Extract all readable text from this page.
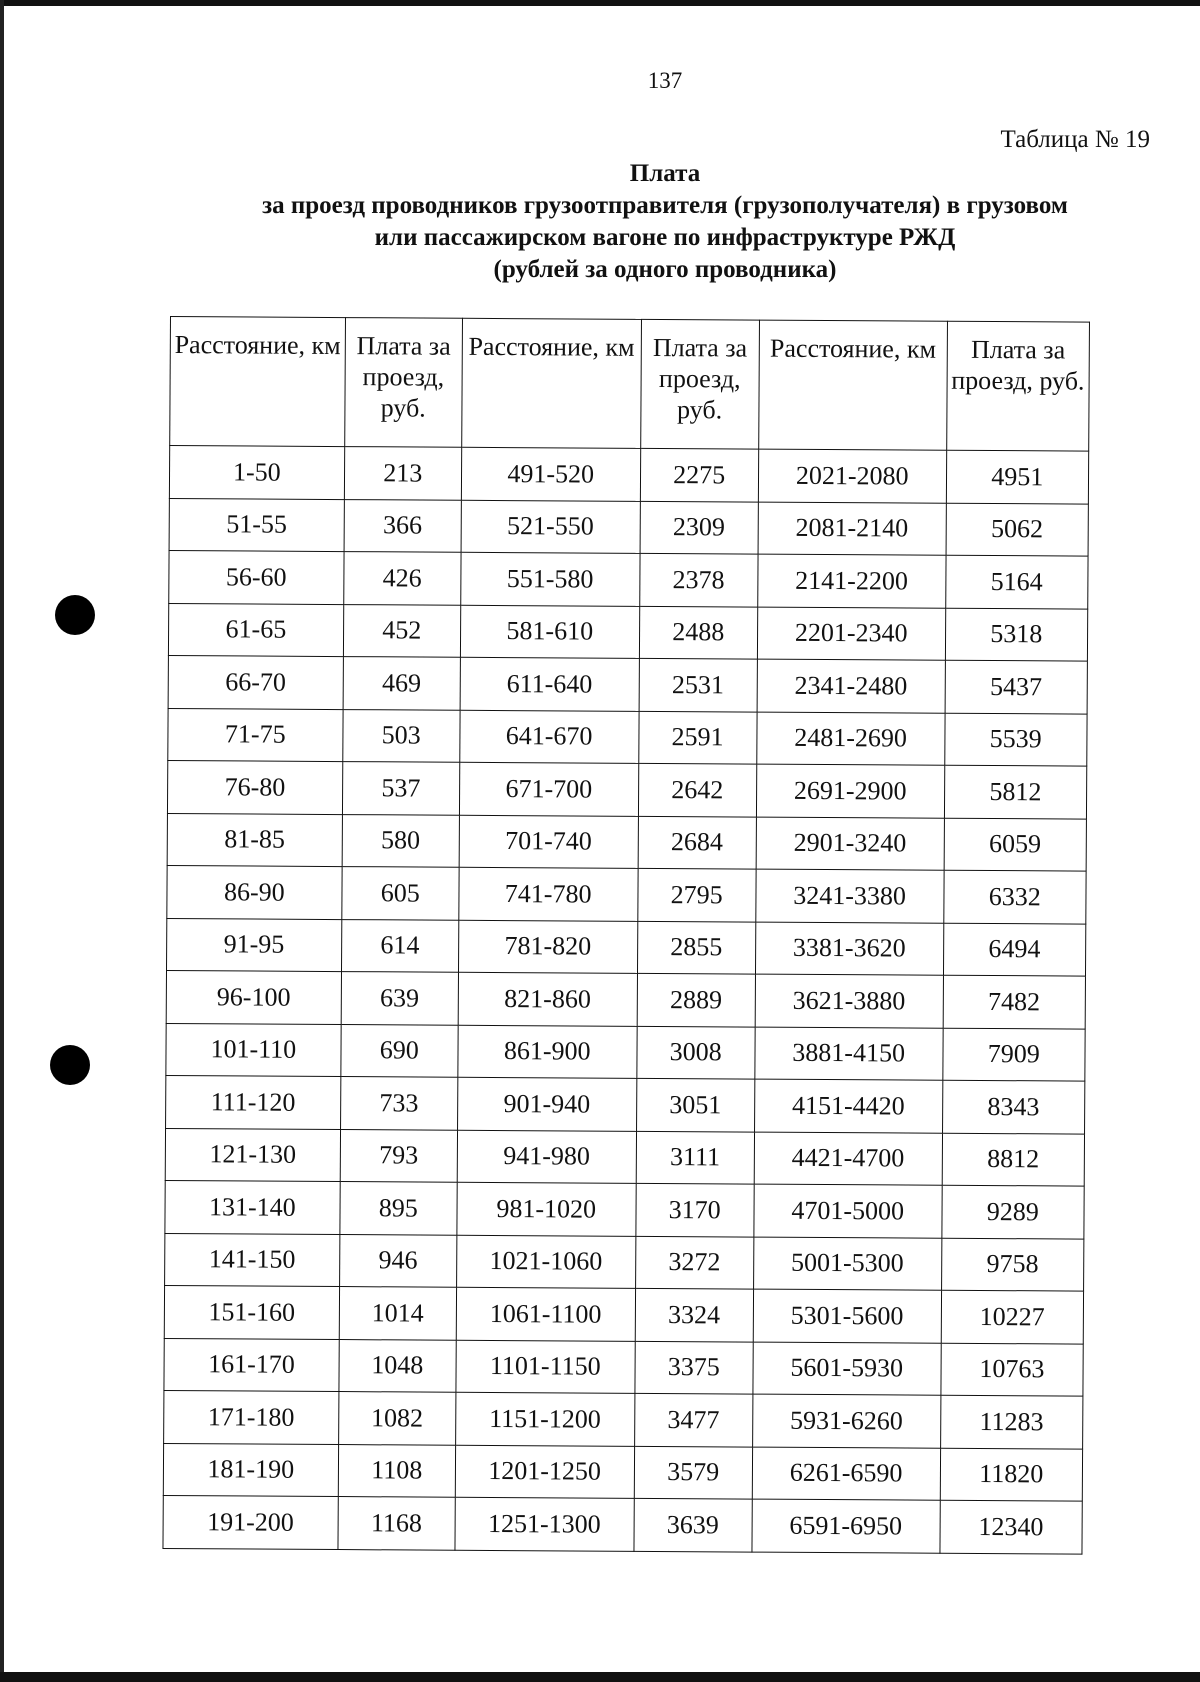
137
Таблица № 19
Плата
за проезд проводников грузоотправителя (грузополучателя) в грузовом
или пассажирском вагоне по инфраструктуре РЖД
(рублей за одного проводника)
Расстояние, км	Плата за проезд, руб.	Расстояние, км	Плата за проезд, руб.	Расстояние, км	Плата за проезд, руб.
1-50	213	491-520	2275	2021-2080	4951
51-55	366	521-550	2309	2081-2140	5062
56-60	426	551-580	2378	2141-2200	5164
61-65	452	581-610	2488	2201-2340	5318
66-70	469	611-640	2531	2341-2480	5437
71-75	503	641-670	2591	2481-2690	5539
76-80	537	671-700	2642	2691-2900	5812
81-85	580	701-740	2684	2901-3240	6059
86-90	605	741-780	2795	3241-3380	6332
91-95	614	781-820	2855	3381-3620	6494
96-100	639	821-860	2889	3621-3880	7482
101-110	690	861-900	3008	3881-4150	7909
111-120	733	901-940	3051	4151-4420	8343
121-130	793	941-980	3111	4421-4700	8812
131-140	895	981-1020	3170	4701-5000	9289
141-150	946	1021-1060	3272	5001-5300	9758
151-160	1014	1061-1100	3324	5301-5600	10227
161-170	1048	1101-1150	3375	5601-5930	10763
171-180	1082	1151-1200	3477	5931-6260	11283
181-190	1108	1201-1250	3579	6261-6590	11820
191-200	1168	1251-1300	3639	6591-6950	12340
